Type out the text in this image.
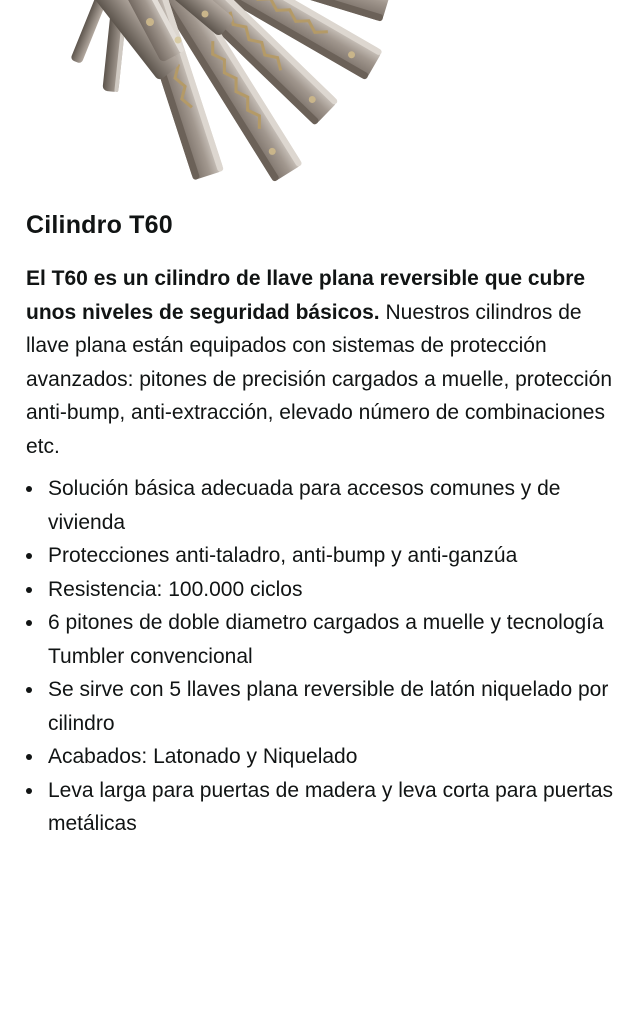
Cilindro T60

El T60 es un cilindro de llave plana reversible que cubre unos niveles de seguridad básicos. Nuestros cilindros de llave plana están equipados con sistemas de protección avanzados: pitones de precisión cargados a muelle, protección anti-bump, anti-extracción, elevado número de combinaciones etc.

• Solución básica adecuada para accesos comunes y de vivienda
• Protecciones anti-taladro, anti-bump y anti-ganzúa
• Resistencia: 100.000 ciclos
• 6 pitones de doble diametro cargados a muelle y tecnología Tumbler convencional
• Se sirve con 5 llaves plana reversible de latón niquelado por cilindro
• Acabados: Latonado y Niquelado
• Leva larga para puertas de madera y leva corta para puertas metálicas
